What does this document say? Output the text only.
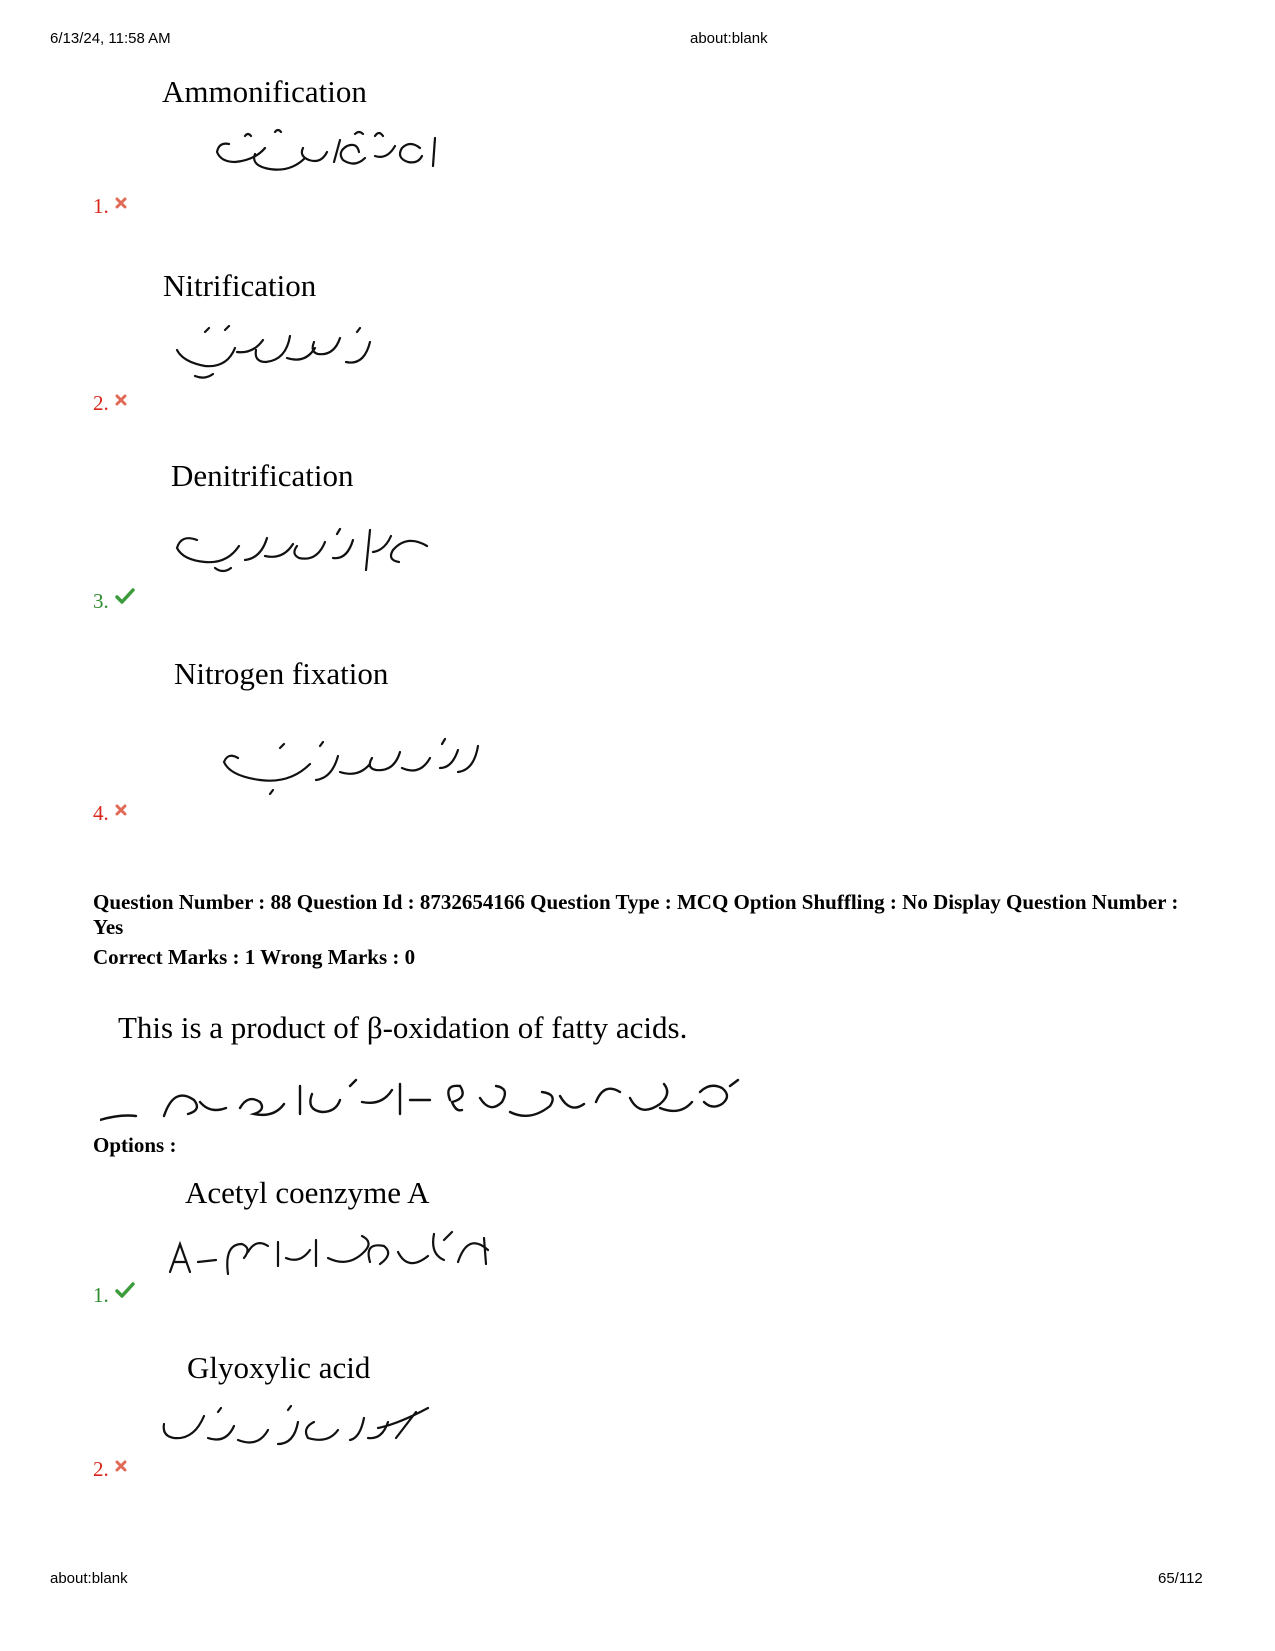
6/13/24, 11:58 AM	about:blank
Ammonification
1.
Nitrification
2.
Denitrification
3.
Nitrogen fixation
4.
Question Number : 88 Question Id : 8732654166 Question Type : MCQ Option Shuffling : No Display Question Number : Yes
Correct Marks : 1 Wrong Marks : 0
This is a product of β-oxidation of fatty acids.
Options :
Acetyl coenzyme A
1.
Glyoxylic acid
2.
about:blank	65/112
